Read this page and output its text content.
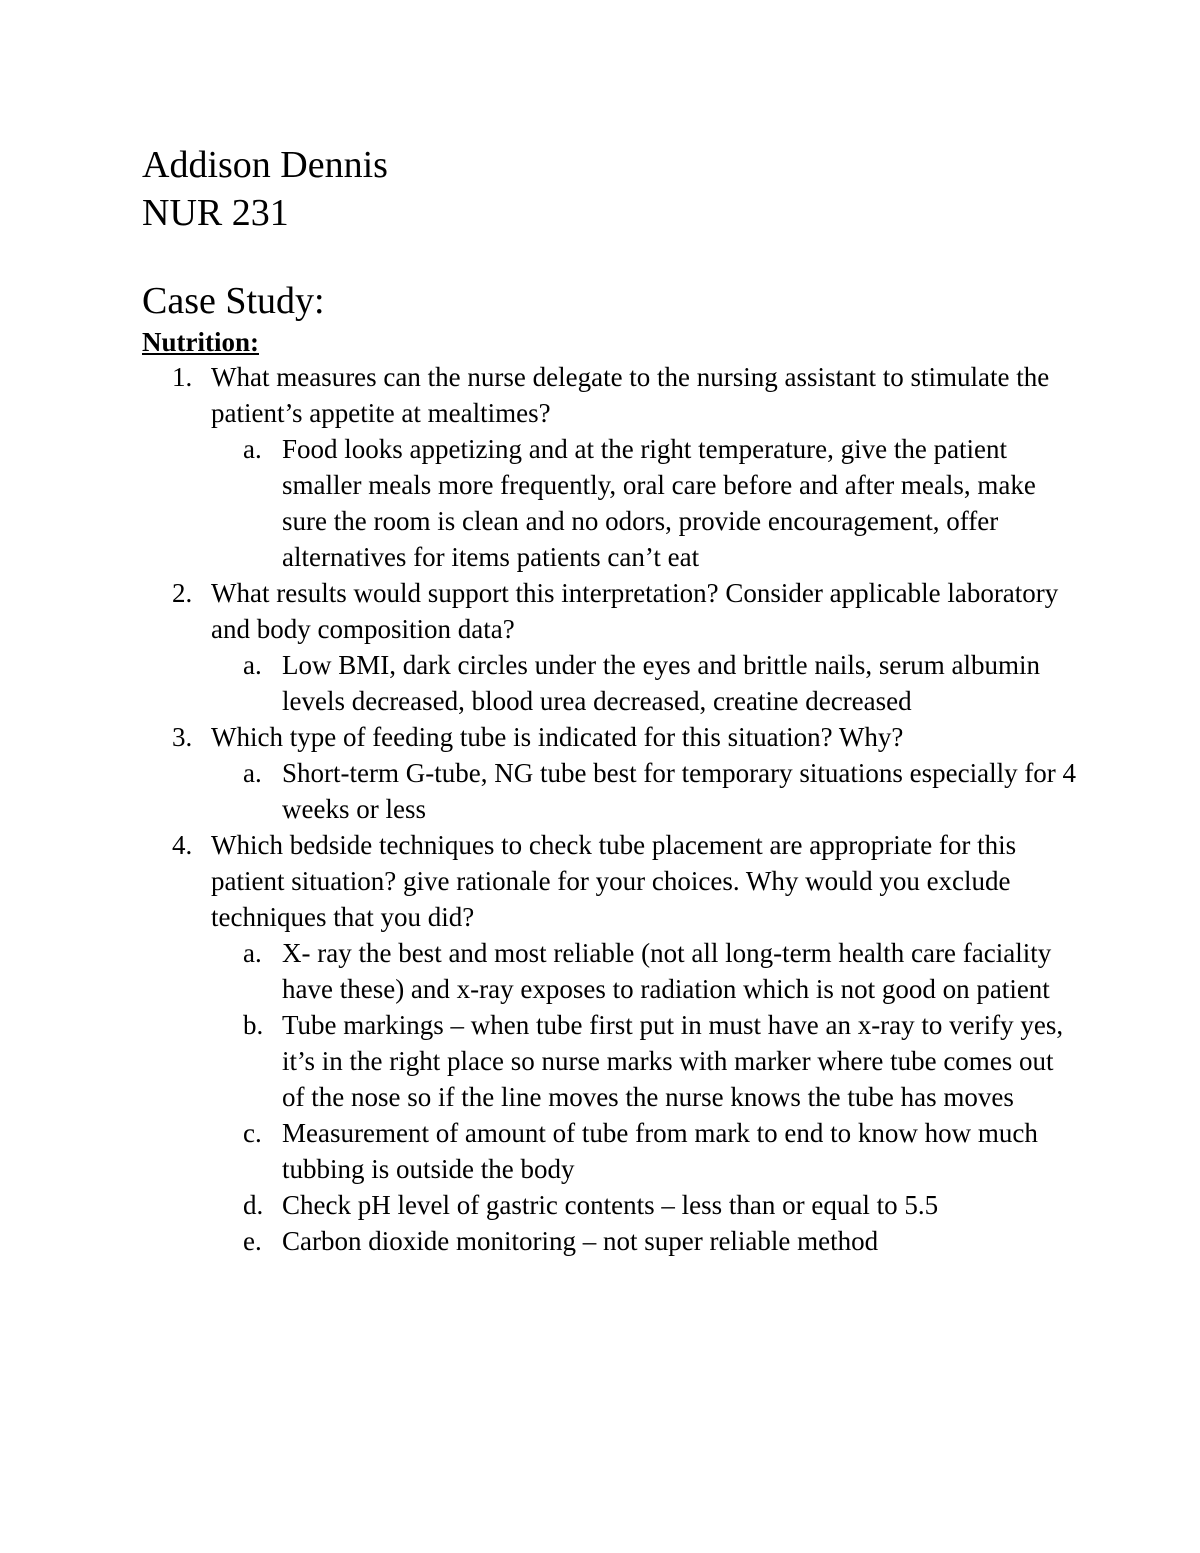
Addison Dennis
NUR 231
Case Study:
Nutrition:
1. What measures can the nurse delegate to the nursing assistant to stimulate the patient’s appetite at mealtimes?
a. Food looks appetizing and at the right temperature, give the patient smaller meals more frequently, oral care before and after meals, make sure the room is clean and no odors, provide encouragement, offer alternatives for items patients can’t eat
2. What results would support this interpretation? Consider applicable laboratory and body composition data?
a. Low BMI, dark circles under the eyes and brittle nails, serum albumin levels decreased, blood urea decreased, creatine decreased
3. Which type of feeding tube is indicated for this situation? Why?
a. Short-term G-tube, NG tube best for temporary situations especially for 4 weeks or less
4. Which bedside techniques to check tube placement are appropriate for this patient situation? give rationale for your choices. Why would you exclude techniques that you did?
a. X- ray the best and most reliable (not all long-term health care faciality have these) and x-ray exposes to radiation which is not good on patient
b. Tube markings – when tube first put in must have an x-ray to verify yes, it’s in the right place so nurse marks with marker where tube comes out of the nose so if the line moves the nurse knows the tube has moves
c. Measurement of amount of tube from mark to end to know how much tubbing is outside the body
d. Check pH level of gastric contents – less than or equal to 5.5
e. Carbon dioxide monitoring – not super reliable method
